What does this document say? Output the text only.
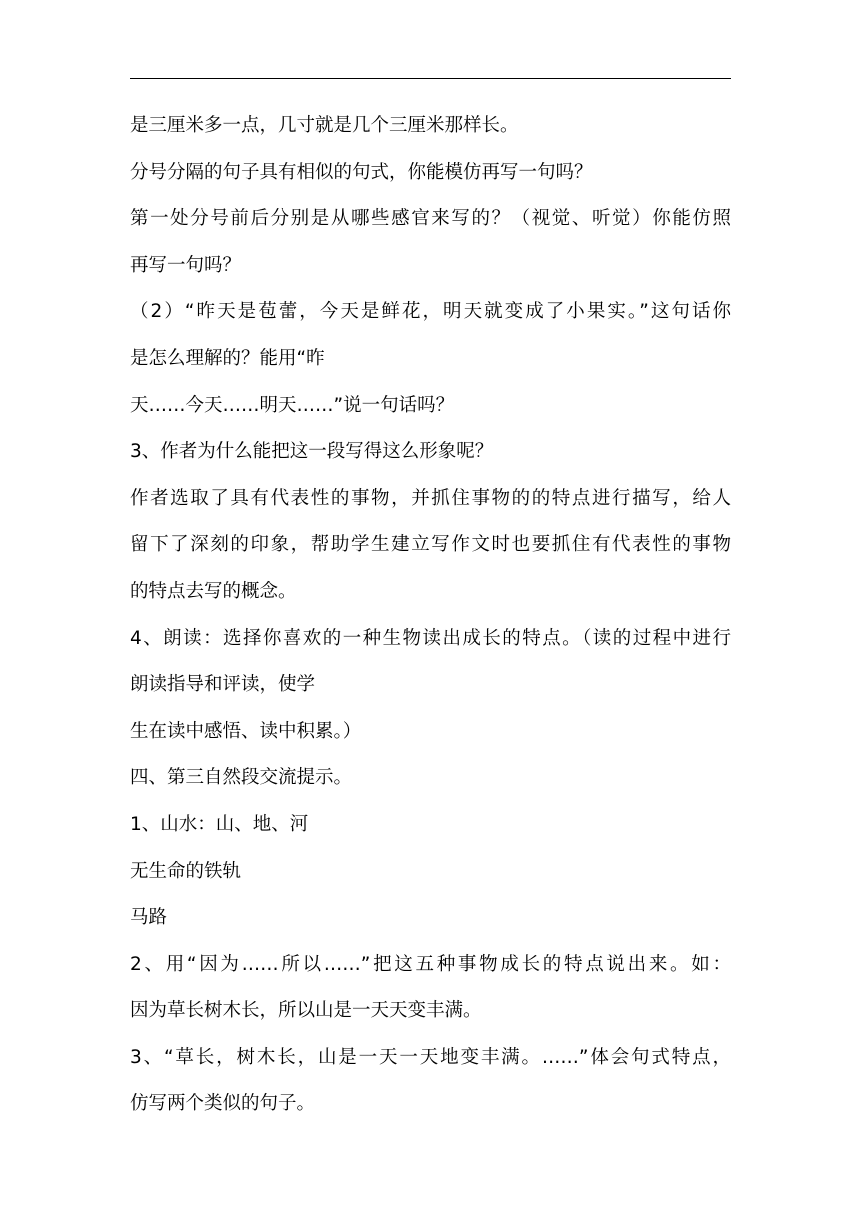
是三厘米多一点，几寸就是几个三厘米那样长。
分号分隔的句子具有相似的句式，你能模仿再写一句吗？
第一处分号前后分别是从哪些感官来写的？（视觉、听觉）你能仿照
再写一句吗？
（2）“昨天是苞蕾，今天是鲜花，明天就变成了小果实。”这句话你
是怎么理解的？能用“昨
天……今天……明天……”说一句话吗？
3、作者为什么能把这一段写得这么形象呢？
作者选取了具有代表性的事物，并抓住事物的的特点进行描写，给人
留下了深刻的印象，帮助学生建立写作文时也要抓住有代表性的事物
的特点去写的概念。
4、朗读：选择你喜欢的一种生物读出成长的特点。（读的过程中进行
朗读指导和评读，使学
生在读中感悟、读中积累。）
四、第三自然段交流提示。
1、山水：山、地、河
无生命的铁轨
马路
2、用“因为……所以……”把这五种事物成长的特点说出来。如：
因为草长树木长，所以山是一天天变丰满。
3、“草长，树木长，山是一天一天地变丰满。……”体会句式特点，
仿写两个类似的句子。
